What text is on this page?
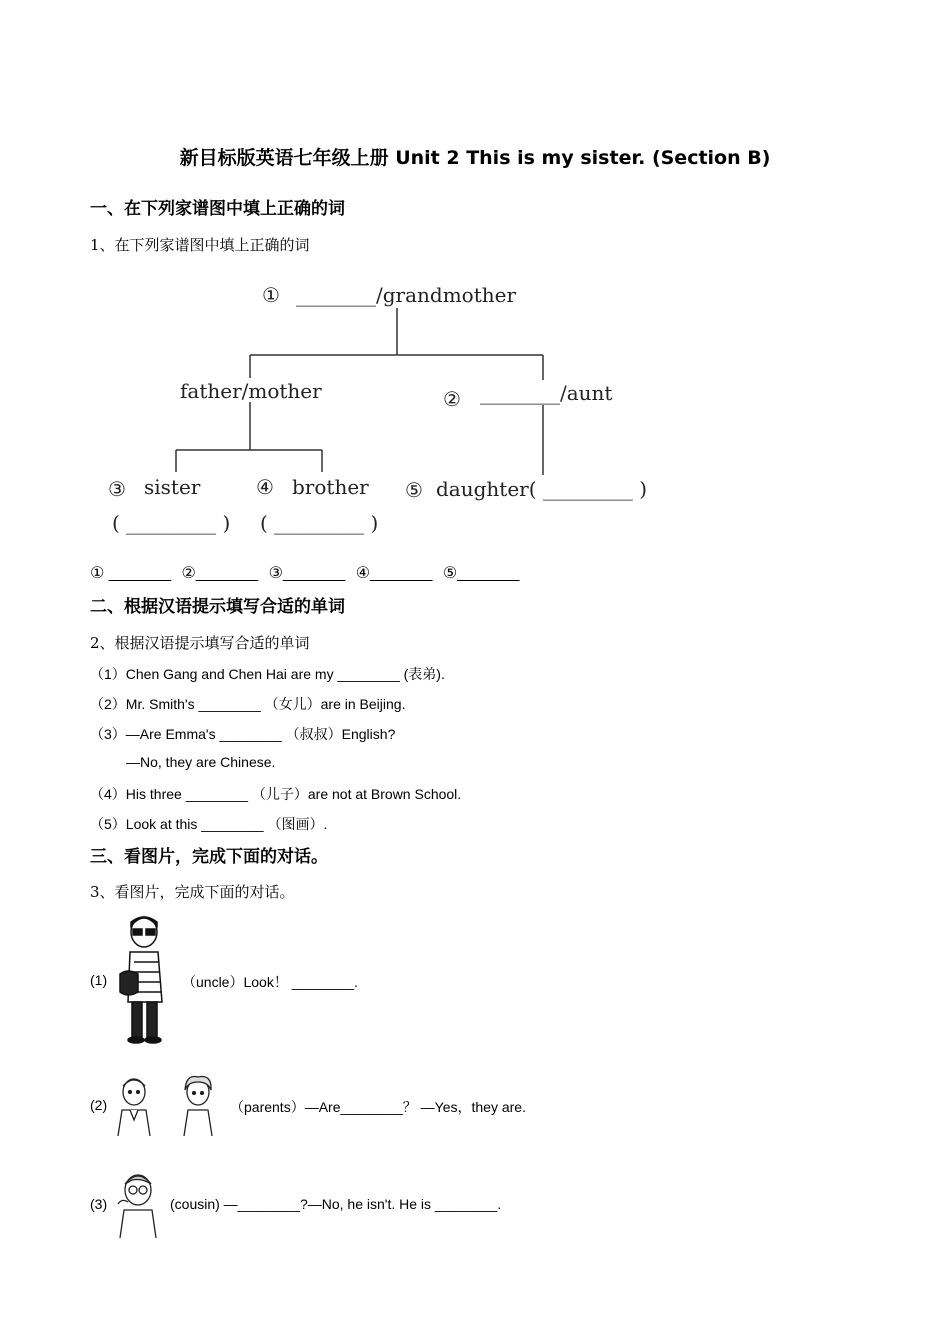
新目标版英语七年级上册 Unit 2 This is my sister. (Section B)
一、在下列家谱图中填上正确的词
1、在下列家谱图中填上正确的词
① ________/grandmother
father/mother	② ________/aunt
③ sister
( _________ )
④ brother
( _________ )
⑤ daughter( _________ )
① _______ ②_______ ③_______ ④_______ ⑤_______
二、根据汉语提示填写合适的单词
2、根据汉语提示填写合适的单词
（1）Chen Gang and Chen Hai are my ________ (表弟).
（2）Mr. Smith's ________ （女儿）are in Beijing.
（3）—Are Emma's ________ （叔叔）English?
—No, they are Chinese.
（4）His three ________ （儿子）are not at Brown School.
（5）Look at this ________ （图画）.
三、看图片，完成下面的对话。
3、看图片，完成下面的对话。
(1)	（uncle）Look！ ________.
(2)	（parents）—Are________？ —Yes，they are.
(3)	(cousin) —________?—No, he isn't. He is ________.
